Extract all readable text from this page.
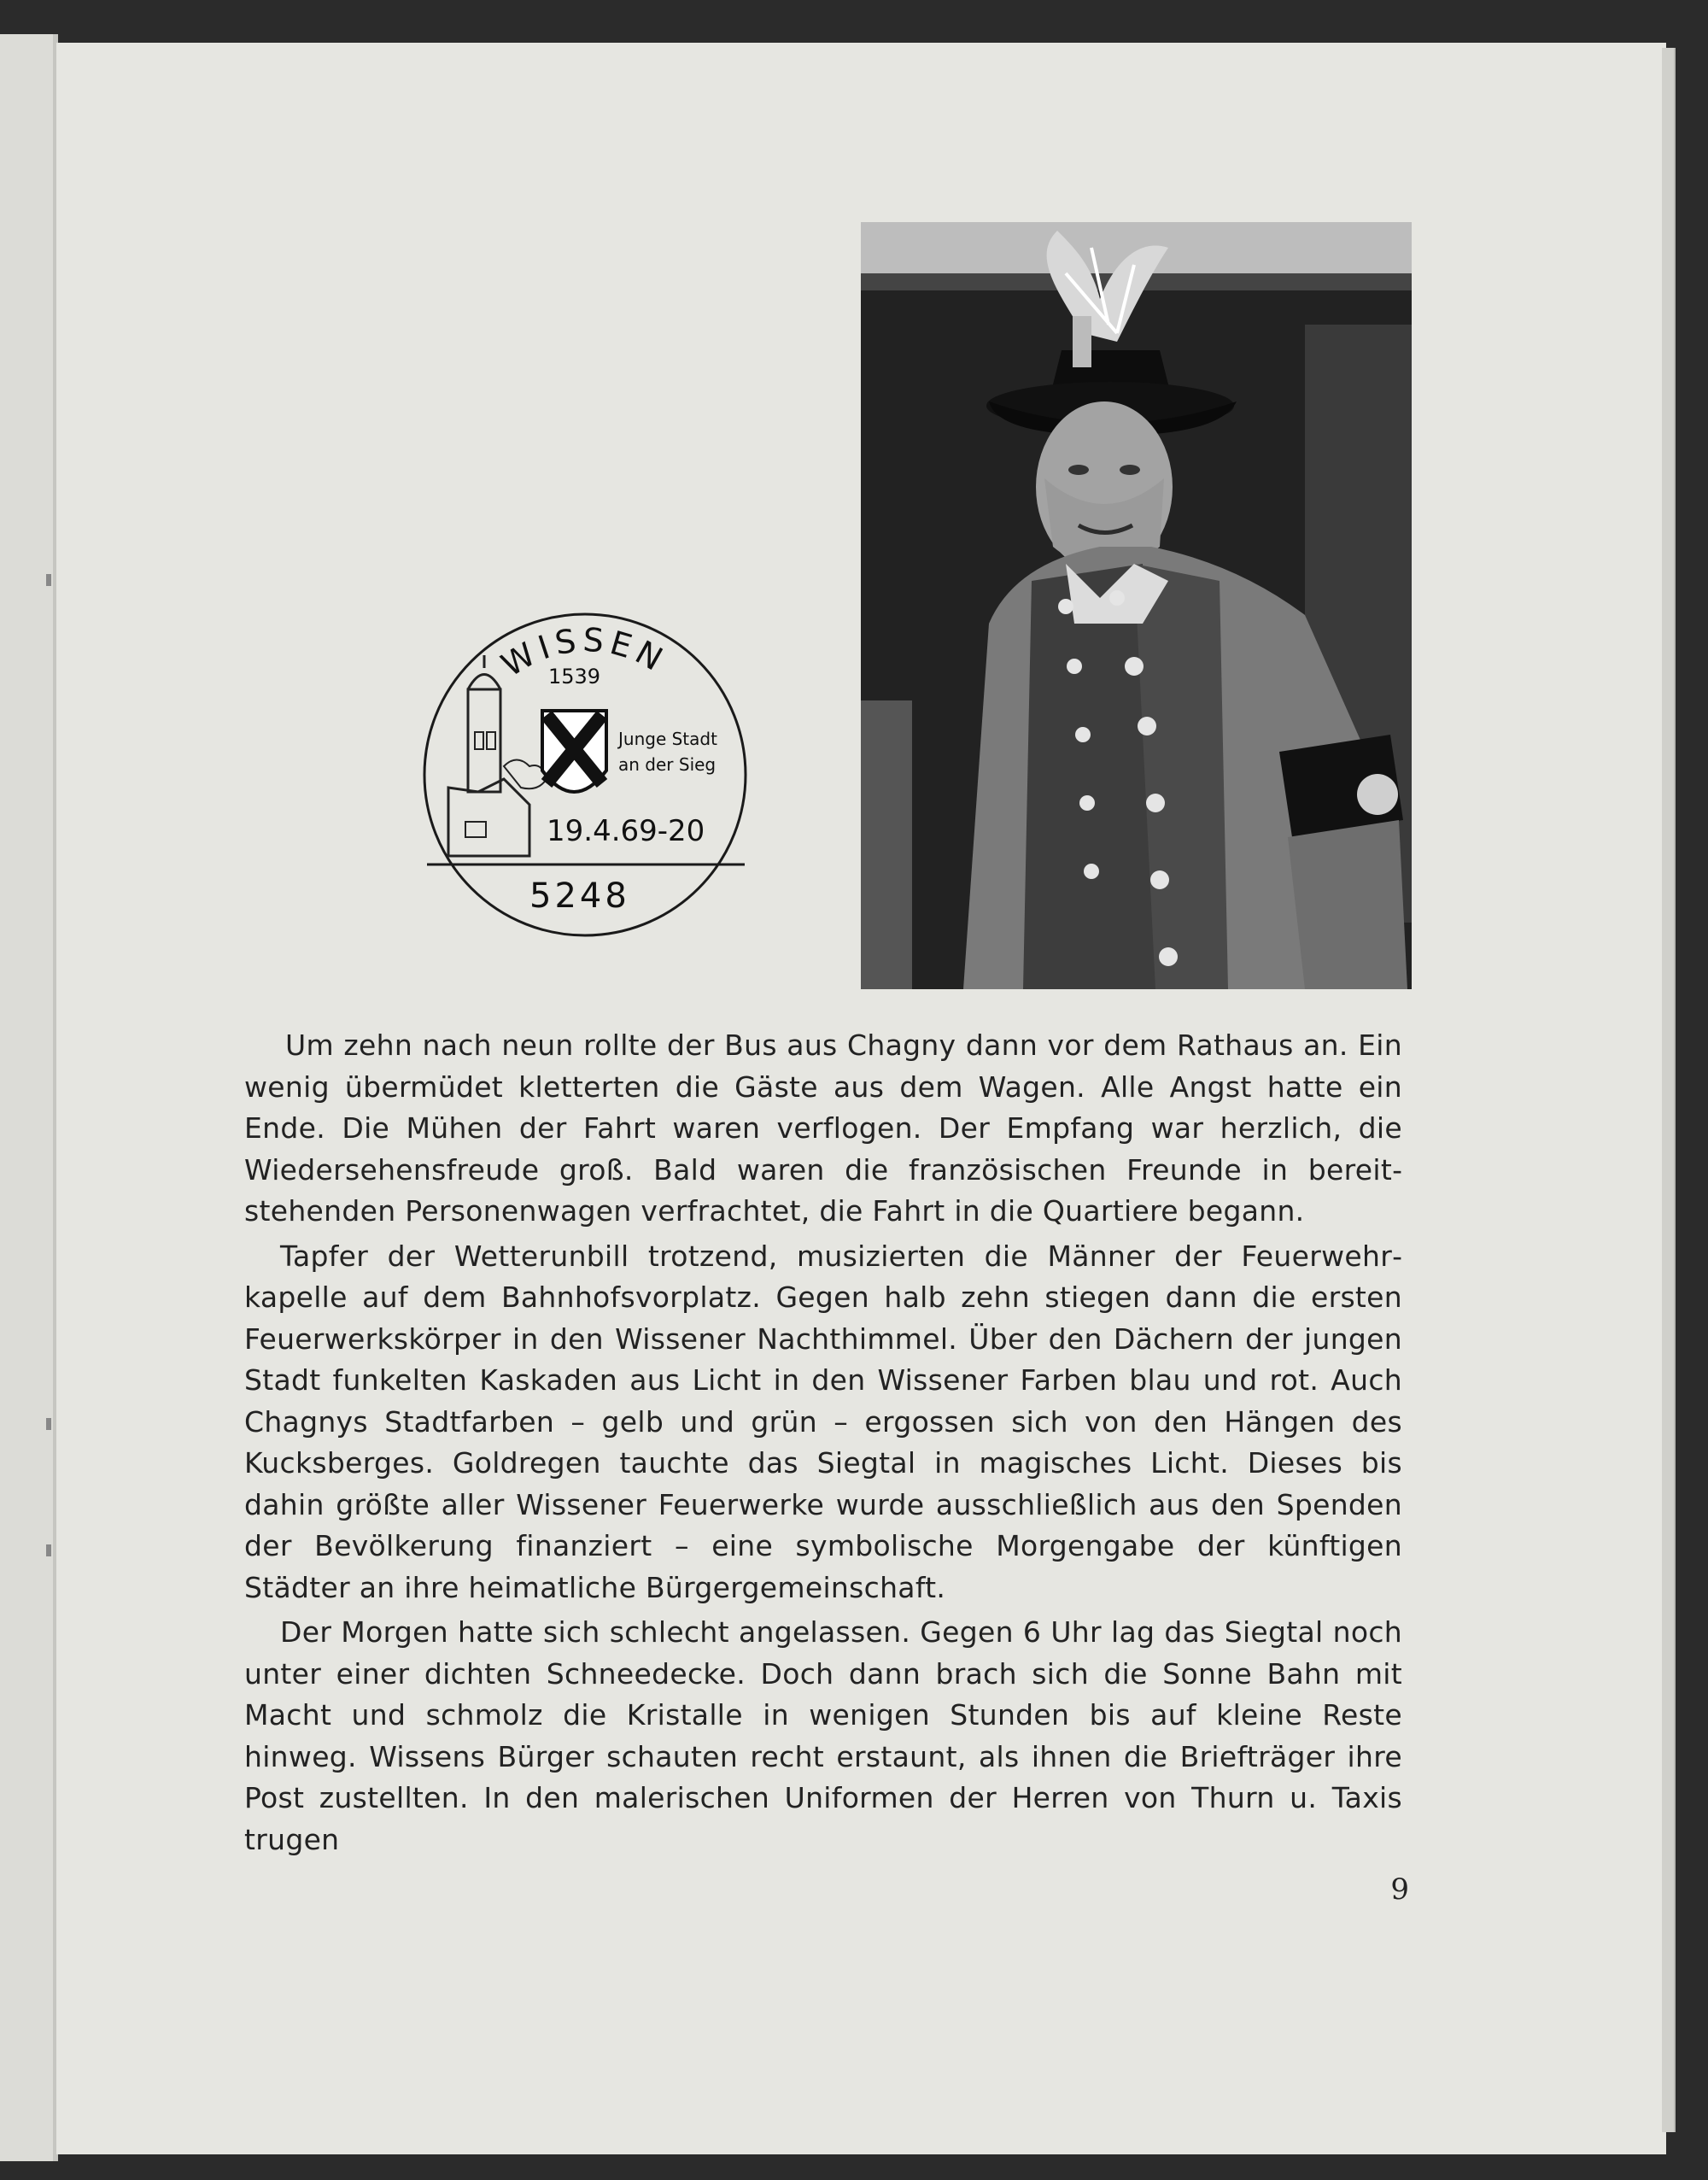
WISSEN
1539
Junge Stadt
an der Sieg
19.4.69-20
5248

Um zehn nach neun rollte der Bus aus Chagny dann vor dem Rathaus an. Ein wenig übermüdet kletterten die Gäste aus dem Wagen. Alle Angst hatte ein Ende. Die Mühen der Fahrt waren verflogen. Der Empfang war herzlich, die Wiedersehensfreude groß. Bald waren die französischen Freunde in bereitstehenden Personenwagen verfrachtet, die Fahrt in die Quartiere begann.

Tapfer der Wetterunbill trotzend, musizierten die Männer der Feuerwehrkapelle auf dem Bahnhofsvorplatz. Gegen halb zehn stiegen dann die ersten Feuerwerkskörper in den Wissener Nachthimmel. Über den Dächern der jungen Stadt funkelten Kaskaden aus Licht in den Wissener Farben blau und rot. Auch Chagnys Stadtfarben – gelb und grün – ergossen sich von den Hängen des Kucksberges. Goldregen tauchte das Siegtal in magisches Licht. Dieses bis dahin größte aller Wissener Feuerwerke wurde ausschließlich aus den Spenden der Bevölkerung finanziert – eine symbolische Morgengabe der künftigen Städter an ihre heimatliche Bürgergemeinschaft.

Der Morgen hatte sich schlecht angelassen. Gegen 6 Uhr lag das Siegtal noch unter einer dichten Schneedecke. Doch dann brach sich die Sonne Bahn mit Macht und schmolz die Kristalle in wenigen Stunden bis auf kleine Reste hinweg. Wissens Bürger schauten recht erstaunt, als ihnen die Briefträger ihre Post zustellten. In den malerischen Uniformen der Herren von Thurn u. Taxis trugen

9
